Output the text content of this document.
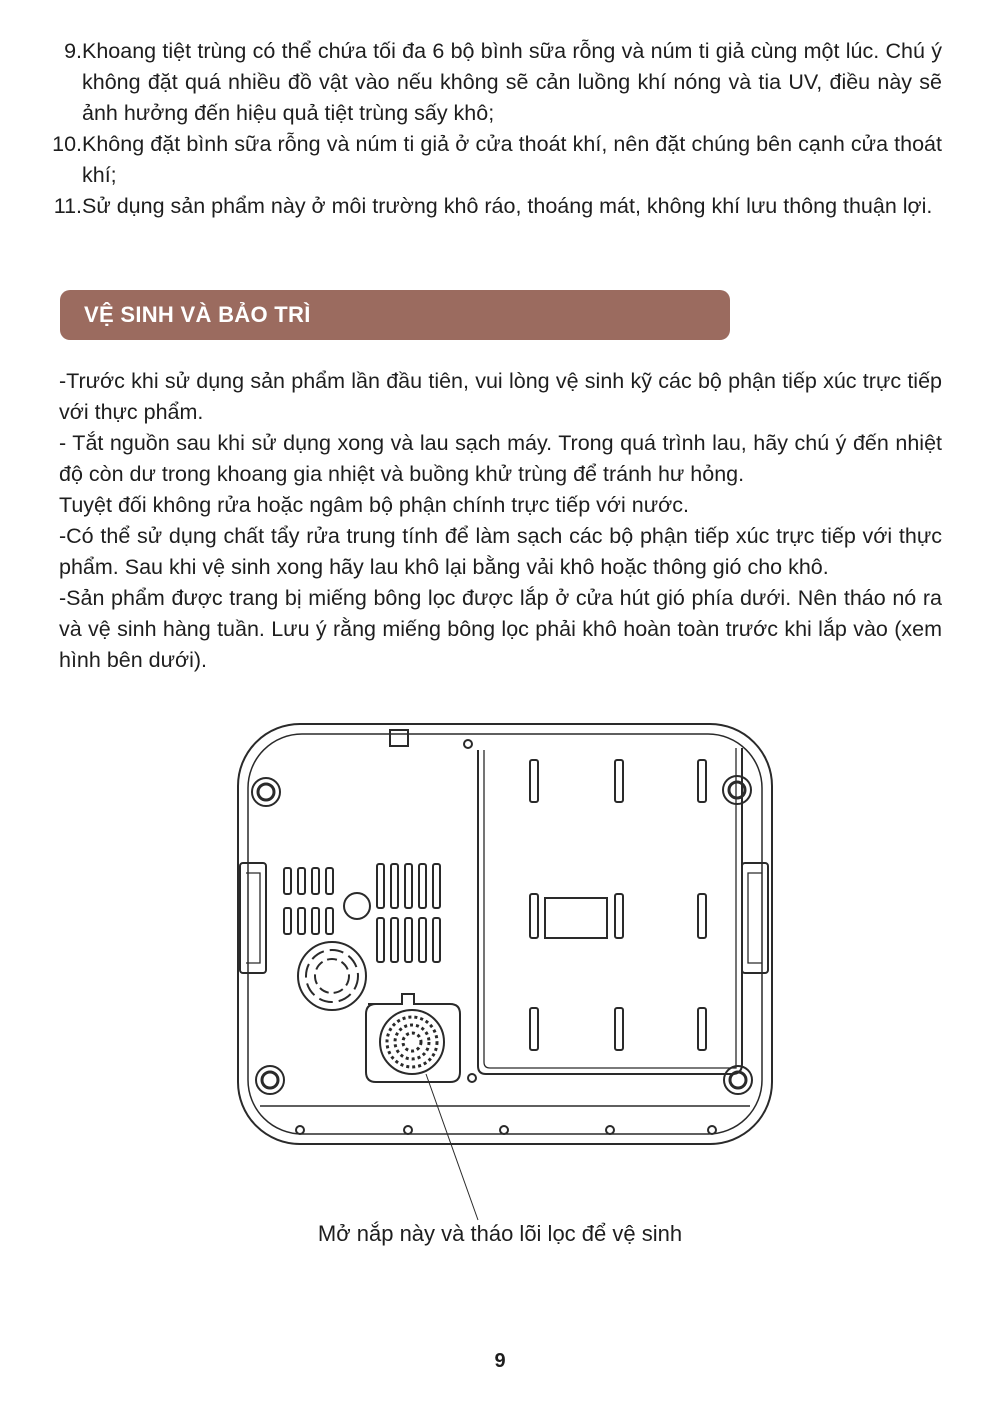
9. Khoang tiệt trùng có thể chứa tối đa 6 bộ bình sữa rỗng và núm ti giả cùng một lúc. Chú ý không đặt quá nhiều đồ vật vào nếu không sẽ cản luồng khí nóng và tia UV, điều này sẽ ảnh hưởng đến hiệu quả tiệt trùng sấy khô;
10. Không đặt bình sữa rỗng và núm ti giả ở cửa thoát khí, nên đặt chúng bên cạnh cửa thoát khí;
11. Sử dụng sản phẩm này ở môi trường khô ráo, thoáng mát, không khí lưu thông thuận lợi.
VỆ SINH VÀ BẢO TRÌ

-Trước khi sử dụng sản phẩm lần đầu tiên, vui lòng vệ sinh kỹ các bộ phận tiếp xúc trực tiếp với thực phẩm.

- Tắt nguồn sau khi sử dụng xong và lau sạch máy. Trong quá trình lau, hãy chú ý đến nhiệt độ còn dư trong khoang gia nhiệt và buồng khử trùng để tránh hư hỏng.

Tuyệt đối không rửa hoặc ngâm bộ phận chính trực tiếp với nước.

-Có thể sử dụng chất tẩy rửa trung tính để làm sạch các bộ phận tiếp xúc trực tiếp với thực phẩm. Sau khi vệ sinh xong hãy lau khô lại bằng vải khô hoặc thông gió cho khô.

-Sản phẩm được trang bị miếng bông lọc được lắp ở cửa hút gió phía dưới. Nên tháo nó ra và vệ sinh hàng tuần. Lưu ý rằng miếng bông lọc phải khô hoàn toàn trước khi lắp vào (xem hình bên dưới).

Mở nắp này và tháo lõi lọc để vệ sinh
9
